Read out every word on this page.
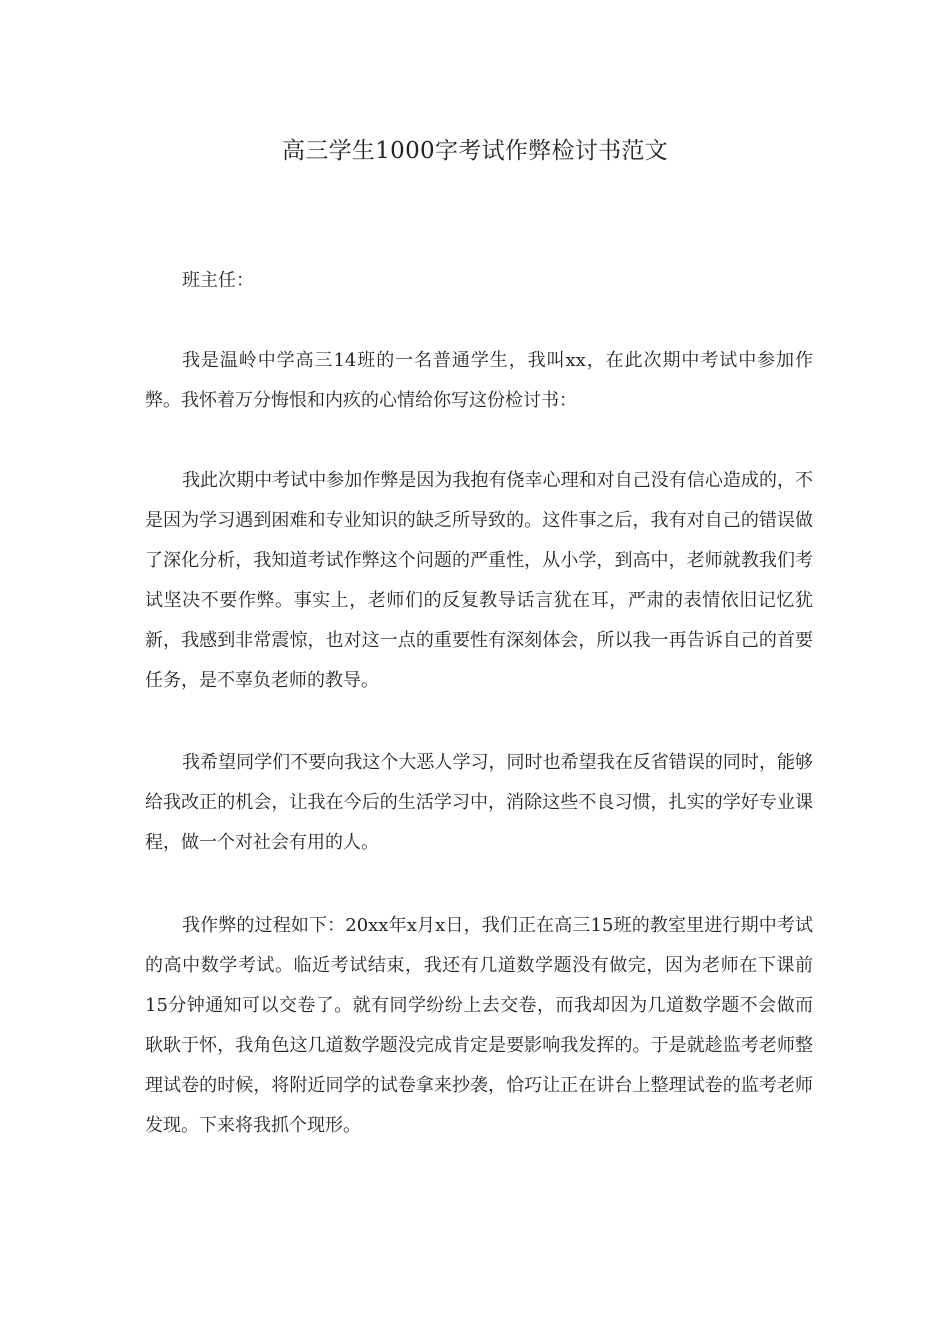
高三学生1000字考试作弊检讨书范文
班主任：

我是温岭中学高三14班的一名普通学生，我叫xx，在此次期中考试中参加作弊。我怀着万分悔恨和内疚的心情给你写这份检讨书：

我此次期中考试中参加作弊是因为我抱有侥幸心理和对自己没有信心造成的，不是因为学习遇到困难和专业知识的缺乏所导致的。这件事之后，我有对自己的错误做了深化分析，我知道考试作弊这个问题的严重性，从小学，到高中，老师就教我们考试坚决不要作弊。事实上，老师们的反复教导话言犹在耳，严肃的表情依旧记忆犹新，我感到非常震惊，也对这一点的重要性有深刻体会，所以我一再告诉自己的首要任务，是不辜负老师的教导。

我希望同学们不要向我这个大恶人学习，同时也希望我在反省错误的同时，能够给我改正的机会，让我在今后的生活学习中，消除这些不良习惯，扎实的学好专业课程，做一个对社会有用的人。

我作弊的过程如下：20xx年x月x日，我们正在高三15班的教室里进行期中考试的高中数学考试。临近考试结束，我还有几道数学题没有做完，因为老师在下课前15分钟通知可以交卷了。就有同学纷纷上去交卷，而我却因为几道数学题不会做而耿耿于怀，我角色这几道数学题没完成肯定是要影响我发挥的。于是就趁监考老师整理试卷的时候，将附近同学的试卷拿来抄袭，恰巧让正在讲台上整理试卷的监考老师发现。下来将我抓个现形。
